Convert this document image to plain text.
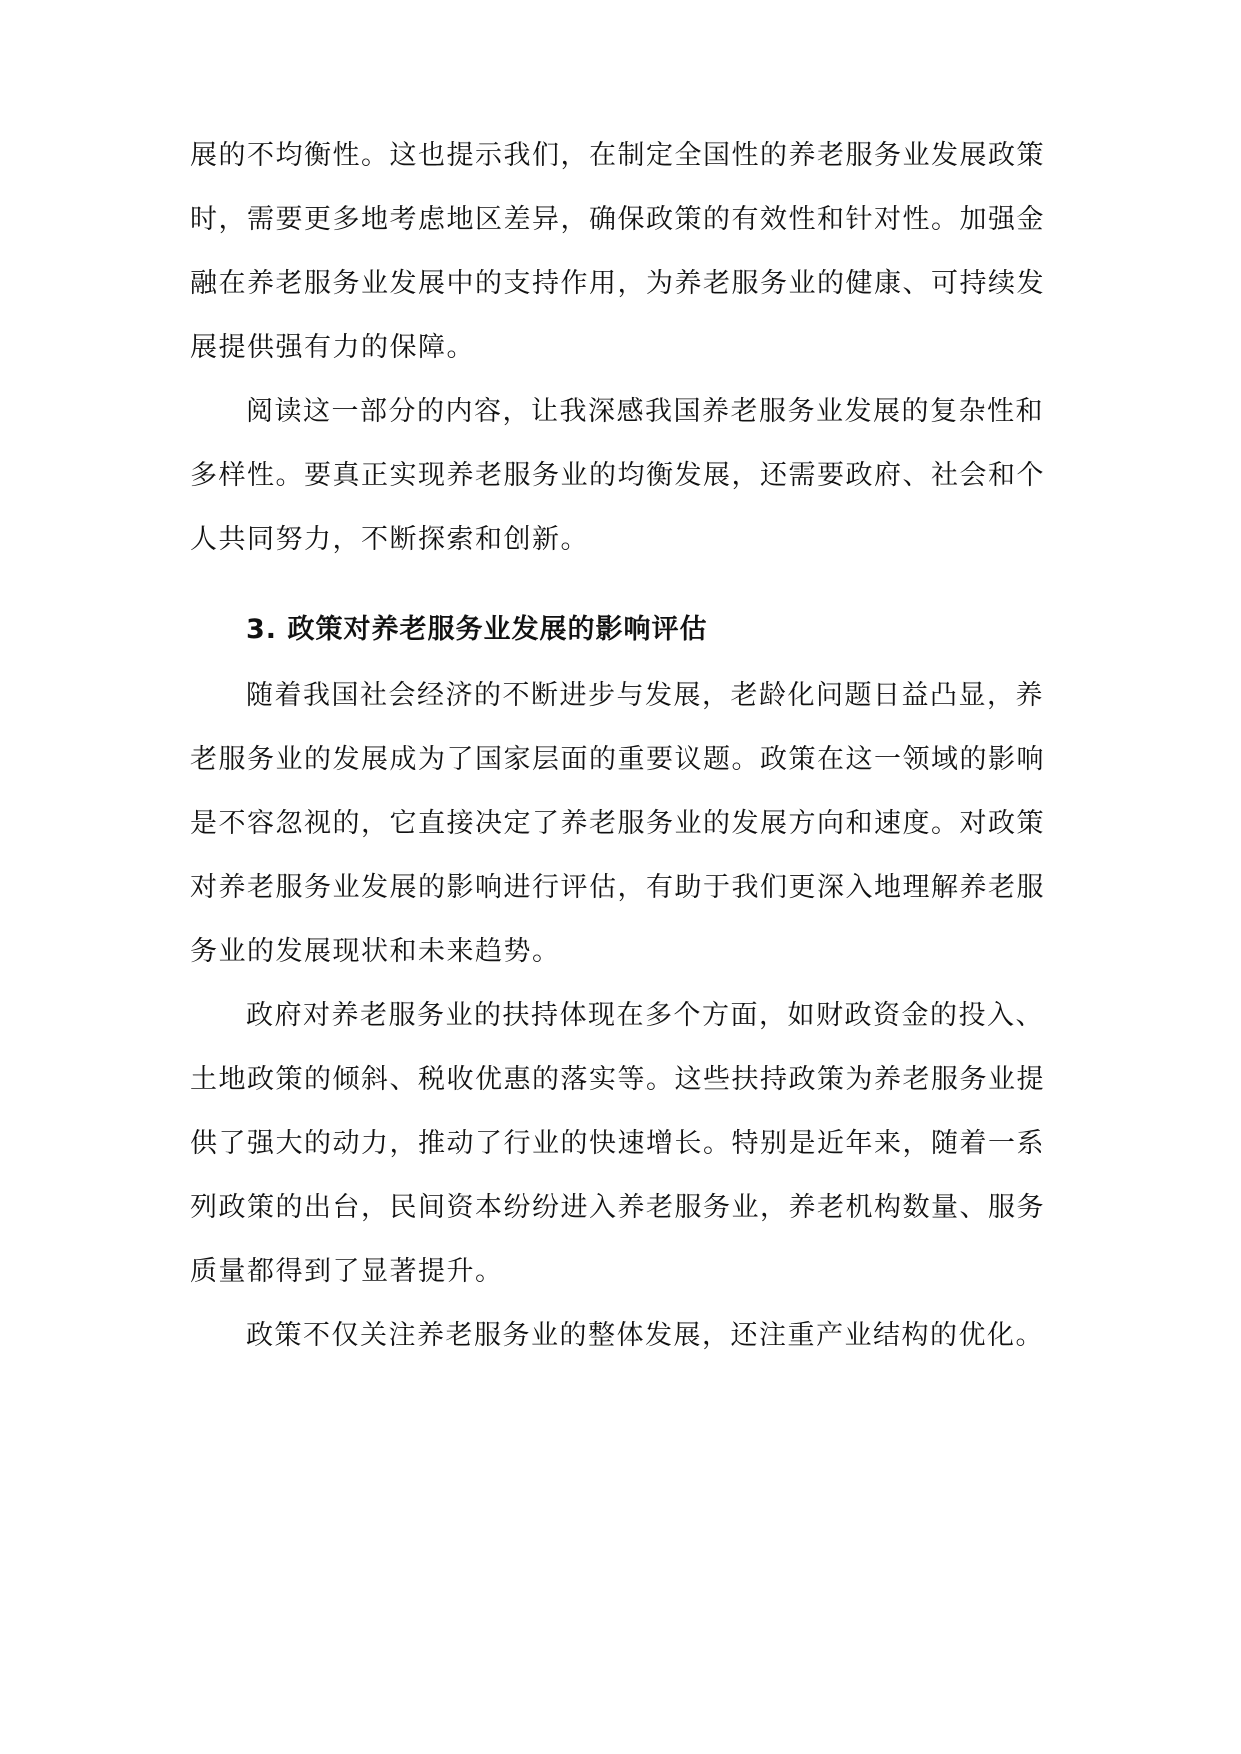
展的不均衡性。这也提示我们，在制定全国性的养老服务业发展政策
时，需要更多地考虑地区差异，确保政策的有效性和针对性。加强金
融在养老服务业发展中的支持作用，为养老服务业的健康、可持续发
展提供强有力的保障。
阅读这一部分的内容，让我深感我国养老服务业发展的复杂性和
多样性。要真正实现养老服务业的均衡发展，还需要政府、社会和个
人共同努力，不断探索和创新。
3. 政策对养老服务业发展的影响评估
随着我国社会经济的不断进步与发展，老龄化问题日益凸显，养
老服务业的发展成为了国家层面的重要议题。政策在这一领域的影响
是不容忽视的，它直接决定了养老服务业的发展方向和速度。对政策
对养老服务业发展的影响进行评估，有助于我们更深入地理解养老服
务业的发展现状和未来趋势。
政府对养老服务业的扶持体现在多个方面，如财政资金的投入、
土地政策的倾斜、税收优惠的落实等。这些扶持政策为养老服务业提
供了强大的动力，推动了行业的快速增长。特别是近年来，随着一系
列政策的出台，民间资本纷纷进入养老服务业，养老机构数量、服务
质量都得到了显著提升。
政策不仅关注养老服务业的整体发展，还注重产业结构的优化。
